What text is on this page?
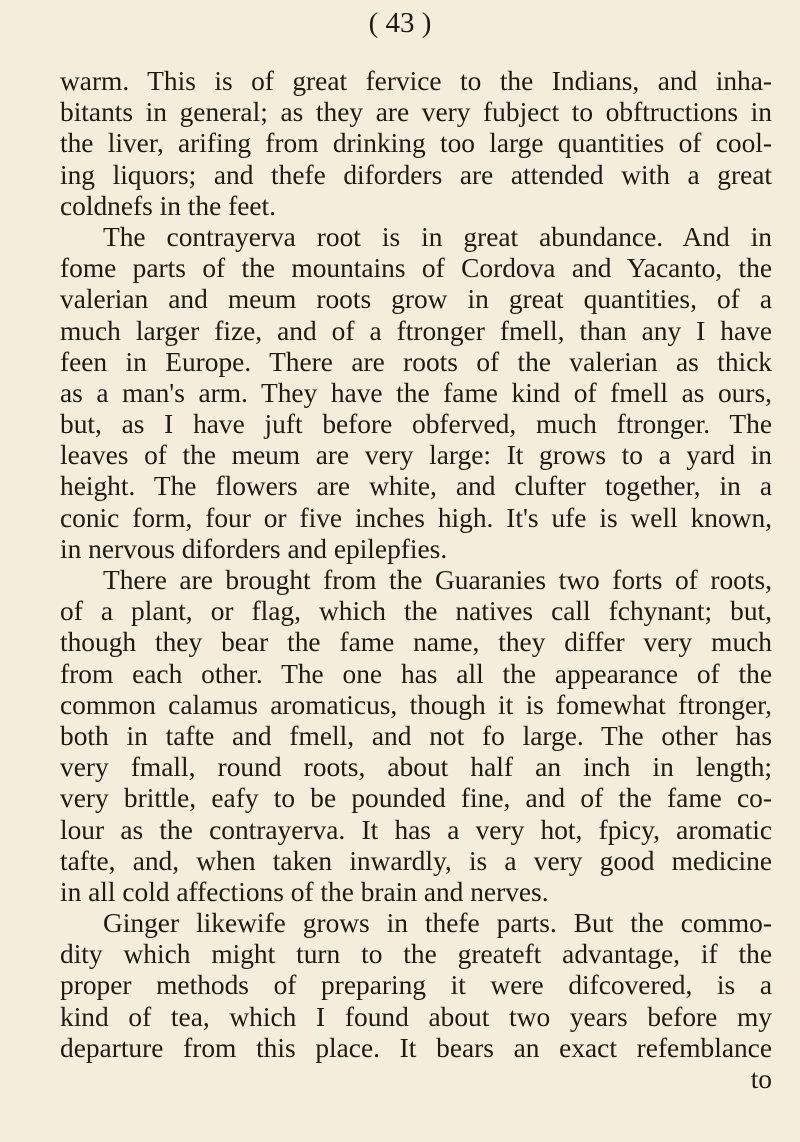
( 43 )
warm. This is of great fervice to the Indians, and inha-
bitants in general; as they are very fubject to obftructions in
the liver, arifing from drinking too large quantities of cool-
ing liquors; and thefe diforders are attended with a great
coldnefs in the feet.
The contrayerva root is in great abundance. And in
fome parts of the mountains of Cordova and Yacanto, the
valerian and meum roots grow in great quantities, of a
much larger fize, and of a ftronger fmell, than any I have
feen in Europe. There are roots of the valerian as thick
as a man's arm. They have the fame kind of fmell as ours,
but, as I have juft before obferved, much ftronger. The
leaves of the meum are very large: It grows to a yard in
height. The flowers are white, and clufter together, in a
conic form, four or five inches high. It's ufe is well known,
in nervous diforders and epilepfies.
There are brought from the Guaranies two forts of roots,
of a plant, or flag, which the natives call fchynant; but,
though they bear the fame name, they differ very much
from each other. The one has all the appearance of the
common calamus aromaticus, though it is fomewhat ftronger,
both in tafte and fmell, and not fo large. The other has
very fmall, round roots, about half an inch in length;
very brittle, eafy to be pounded fine, and of the fame co-
lour as the contrayerva. It has a very hot, fpicy, aromatic
tafte, and, when taken inwardly, is a very good medicine
in all cold affections of the brain and nerves.
Ginger likewife grows in thefe parts. But the commo-
dity which might turn to the greateft advantage, if the
proper methods of preparing it were difcovered, is a
kind of tea, which I found about two years before my
departure from this place. It bears an exact refemblance
to
